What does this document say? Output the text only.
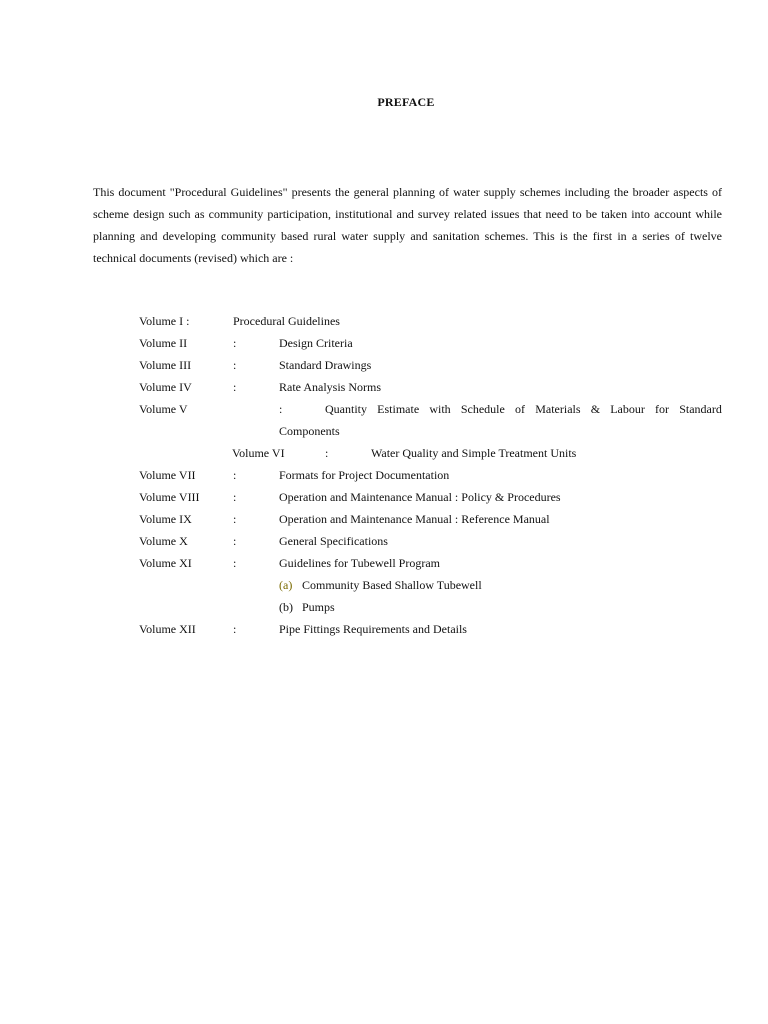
PREFACE
This document "Procedural Guidelines" presents the general planning of water supply schemes including the broader aspects of scheme design such as community participation, institutional and survey related issues that need to be taken into account while planning and developing community based rural water supply and sanitation schemes. This is the first in a series of twelve technical documents (revised) which are :
Volume I :	Procedural Guidelines
Volume II	:	Design Criteria
Volume III	:	Standard Drawings
Volume IV	:	Rate Analysis Norms
Volume V	:	Quantity Estimate with Schedule of Materials & Labour for Standard
Components
Volume VI	:	Water Quality and Simple Treatment Units
Volume VII	:	Formats for Project Documentation
Volume VIII	:	Operation and Maintenance Manual : Policy & Procedures
Volume IX	:	Operation and Maintenance Manual : Reference Manual
Volume X	:	General Specifications
Volume XI	:	Guidelines for Tubewell Program
(a) Community Based Shallow Tubewell
(b) Pumps
Volume XII	:	Pipe Fittings Requirements and Details
